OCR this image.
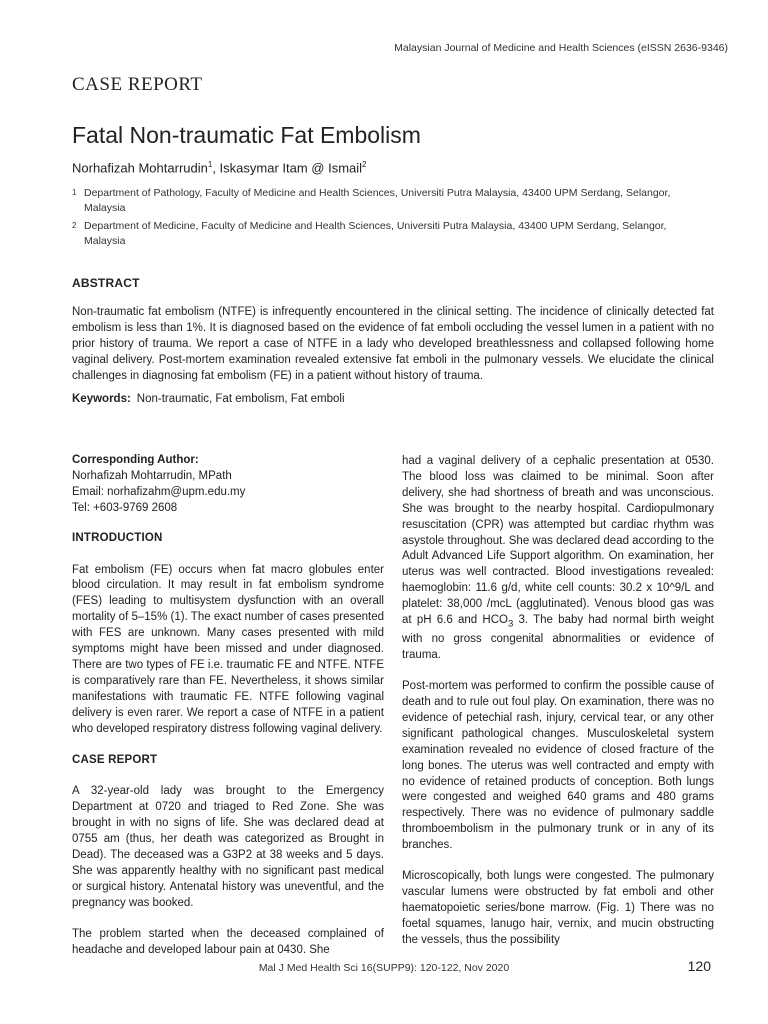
Malaysian Journal of Medicine and Health Sciences (eISSN 2636-9346)
CASE REPORT
Fatal Non-traumatic Fat Embolism
Norhafizah Mohtarrudin$^1$, Iskasymar Itam @ Ismail$^2$
1 Department of Pathology, Faculty of Medicine and Health Sciences, Universiti Putra Malaysia, 43400 UPM Serdang, Selangor, Malaysia
2 Department of Medicine, Faculty of Medicine and Health Sciences, Universiti Putra Malaysia, 43400 UPM Serdang, Selangor, Malaysia
ABSTRACT

Non-traumatic fat embolism (NTFE) is infrequently encountered in the clinical setting. The incidence of clinically detected fat embolism is less than 1%. It is diagnosed based on the evidence of fat emboli occluding the vessel lumen in a patient with no prior history of trauma. We report a case of NTFE in a lady who developed breathlessness and collapsed following home vaginal delivery. Post-mortem examination revealed extensive fat emboli in the pulmonary vessels. We elucidate the clinical challenges in diagnosing fat embolism (FE) in a patient without history of trauma.

Keywords: Non-traumatic, Fat embolism, Fat emboli
Corresponding Author:
Norhafizah Mohtarrudin, MPath
Email: norhafizahm@upm.edu.my
Tel: +603-9769 2608
INTRODUCTION

Fat embolism (FE) occurs when fat macro globules enter blood circulation. It may result in fat embolism syndrome (FES) leading to multisystem dysfunction with an overall mortality of 5–15% (1). The exact number of cases presented with FES are unknown. Many cases presented with mild symptoms might have been missed and under diagnosed. There are two types of FE i.e. traumatic FE and NTFE. NTFE is comparatively rare than FE. Nevertheless, it shows similar manifestations with traumatic FE. NTFE following vaginal delivery is even rarer. We report a case of NTFE in a patient who developed respiratory distress following vaginal delivery.

CASE REPORT

A 32-year-old lady was brought to the Emergency Department at 0720 and triaged to Red Zone. She was brought in with no signs of life. She was declared dead at 0755 am (thus, her death was categorized as Brought in Dead). The deceased was a G3P2 at 38 weeks and 5 days. She was apparently healthy with no significant past medical or surgical history. Antenatal history was uneventful, and the pregnancy was booked.

The problem started when the deceased complained of headache and developed labour pain at 0430. She

had a vaginal delivery of a cephalic presentation at 0530. The blood loss was claimed to be minimal. Soon after delivery, she had shortness of breath and was unconscious. She was brought to the nearby hospital. Cardiopulmonary resuscitation (CPR) was attempted but cardiac rhythm was asystole throughout. She was declared dead according to the Adult Advanced Life Support algorithm. On examination, her uterus was well contracted. Blood investigations revealed: haemoglobin: 11.6 g/d, white cell counts: 30.2 x 10^9/L and platelet: 38,000 /mcL (agglutinated). Venous blood gas was at pH 6.6 and $HCO_3$ 3. The baby had normal birth weight with no gross congenital abnormalities or evidence of trauma.

Post-mortem was performed to confirm the possible cause of death and to rule out foul play. On examination, there was no evidence of petechial rash, injury, cervical tear, or any other significant pathological changes. Musculoskeletal system examination revealed no evidence of closed fracture of the long bones. The uterus was well contracted and empty with no evidence of retained products of conception. Both lungs were congested and weighed 640 grams and 480 grams respectively. There was no evidence of pulmonary saddle thromboembolism in the pulmonary trunk or in any of its branches.

Microscopically, both lungs were congested. The pulmonary vascular lumens were obstructed by fat emboli and other haematopoietic series/bone marrow. (Fig. 1) There was no foetal squames, lanugo hair, vernix, and mucin obstructing the vessels, thus the possibility

Mal J Med Health Sci 16(SUPP9): 120-122, Nov 2020	120
